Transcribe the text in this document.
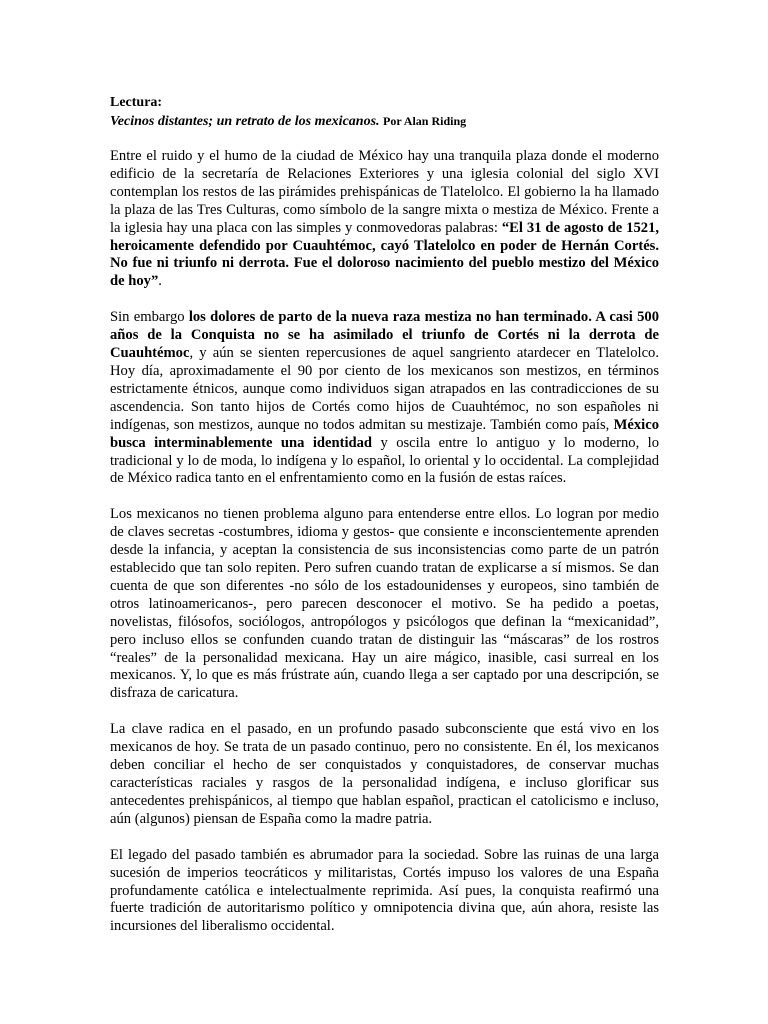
Lectura:

Vecinos distantes; un retrato de los mexicanos. Por Alan Riding

Entre el ruido y el humo de la ciudad de México hay una tranquila plaza donde el moderno edificio de la secretaría de Relaciones Exteriores y una iglesia colonial del siglo XVI contemplan los restos de las pirámides prehispánicas de Tlatelolco. El gobierno la ha llamado la plaza de las Tres Culturas, como símbolo de la sangre mixta o mestiza de México. Frente a la iglesia hay una placa con las simples y conmovedoras palabras: “El 31 de agosto de 1521, heroicamente defendido por Cuauhtémoc, cayó Tlatelolco en poder de Hernán Cortés. No fue ni triunfo ni derrota. Fue el doloroso nacimiento del pueblo mestizo del México de hoy”.

Sin embargo los dolores de parto de la nueva raza mestiza no han terminado. A casi 500 años de la Conquista no se ha asimilado el triunfo de Cortés ni la derrota de Cuauhtémoc, y aún se sienten repercusiones de aquel sangriento atardecer en Tlatelolco. Hoy día, aproximadamente el 90 por ciento de los mexicanos son mestizos, en términos estrictamente étnicos, aunque como individuos sigan atrapados en las contradicciones de su ascendencia. Son tanto hijos de Cortés como hijos de Cuauhtémoc, no son españoles ni indígenas, son mestizos, aunque no todos admitan su mestizaje. También como país, México busca interminablemente una identidad y oscila entre lo antiguo y lo moderno, lo tradicional y lo de moda, lo indígena y lo español, lo oriental y lo occidental. La complejidad de México radica tanto en el enfrentamiento como en la fusión de estas raíces.

Los mexicanos no tienen problema alguno para entenderse entre ellos. Lo logran por medio de claves secretas -costumbres, idioma y gestos- que consiente e inconscientemente aprenden desde la infancia, y aceptan la consistencia de sus inconsistencias como parte de un patrón establecido que tan solo repiten. Pero sufren cuando tratan de explicarse a sí mismos. Se dan cuenta de que son diferentes -no sólo de los estadounidenses y europeos, sino también de otros latinoamericanos-, pero parecen desconocer el motivo. Se ha pedido a poetas, novelistas, filósofos, sociólogos, antropólogos y psicólogos que definan la “mexicanidad”, pero incluso ellos se confunden cuando tratan de distinguir las “máscaras” de los rostros “reales” de la personalidad mexicana. Hay un aire mágico, inasible, casi surreal en los mexicanos. Y, lo que es más frústrate aún, cuando llega a ser captado por una descripción, se disfraza de caricatura.

La clave radica en el pasado, en un profundo pasado subconsciente que está vivo en los mexicanos de hoy. Se trata de un pasado continuo, pero no consistente. En él, los mexicanos deben conciliar el hecho de ser conquistados y conquistadores, de conservar muchas características raciales y rasgos de la personalidad indígena, e incluso glorificar sus antecedentes prehispánicos, al tiempo que hablan español, practican el catolicismo e incluso, aún (algunos) piensan de España como la madre patria.

El legado del pasado también es abrumador para la sociedad. Sobre las ruinas de una larga sucesión de imperios teocráticos y militaristas, Cortés impuso los valores de una España profundamente católica e intelectualmente reprimida. Así pues, la conquista reafirmó una fuerte tradición de autoritarismo político y omnipotencia divina que, aún ahora, resiste las incursiones del liberalismo occidental.
